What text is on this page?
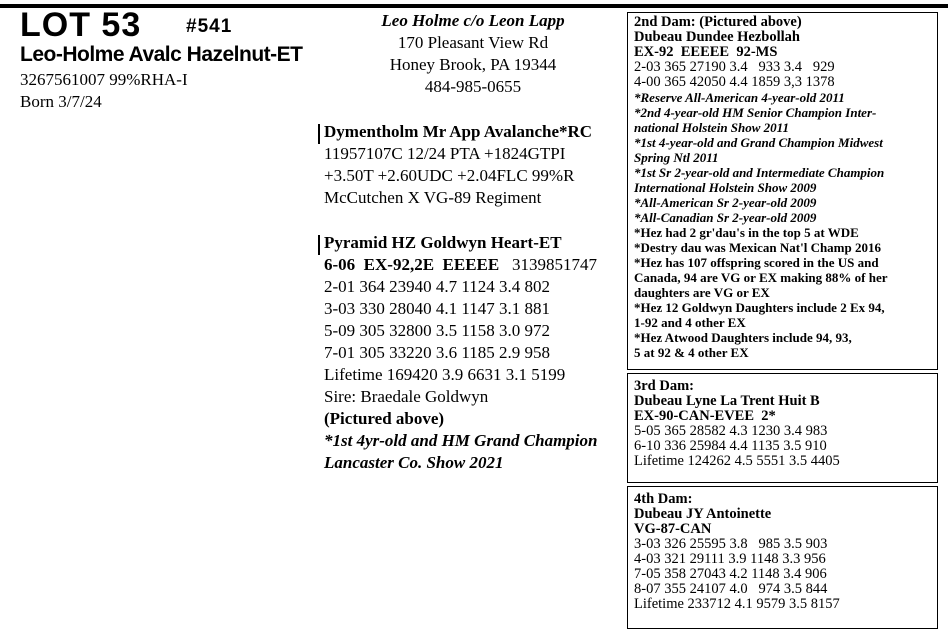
LOT 53 #541
Leo-Holme Avalc Hazelnut-ET
3267561007 99%RHA-I
Born 3/7/24
Leo Holme c/o Leon Lapp
170 Pleasant View Rd
Honey Brook, PA 19344
484-985-0655
Dymentholm Mr App Avalanche*RC
11957107C 12/24 PTA +1824GTPI
+3.50T +2.60UDC +2.04FLC 99%R
McCutchen X VG-89 Regiment
Pyramid HZ Goldwyn Heart-ET
6-06  EX-92,2E  EEEEE 3139851747
2-01 364 23940 4.7 1124 3.4 802
3-03 330 28040 4.1 1147 3.1 881
5-09 305 32800 3.5 1158 3.0 972
7-01 305 33220 3.6 1185 2.9 958
Lifetime 169420 3.9 6631 3.1 5199
Sire: Braedale Goldwyn
(Pictured above)
*1st 4yr-old and HM Grand Champion
Lancaster Co. Show 2021
2nd Dam: (Pictured above)
Dubeau Dundee Hezbollah
EX-92  EEEEE  92-MS
2-03 365 27190 3.4   933 3.4   929
4-00 365 42050 4.4 1859 3,3 1378
*Reserve All-American 4-year-old 2011
*2nd 4-year-old HM Senior Champion Inter-
national Holstein Show 2011
*1st 4-year-old and Grand Champion Midwest
Spring Ntl 2011
*1st Sr 2-year-old and Intermediate Champion
International Holstein Show 2009
*All-American Sr 2-year-old 2009
*All-Canadian Sr 2-year-old 2009
*Hez had 2 gr'dau's in the top 5 at WDE
*Destry dau was Mexican Nat'l Champ 2016
*Hez has 107 offspring scored in the US and
Canada, 94 are VG or EX making 88% of her
daughters are VG or EX
*Hez 12 Goldwyn Daughters include 2 Ex 94,
1-92 and 4 other EX
*Hez Atwood Daughters include 94, 93,
5 at 92 & 4 other EX
3rd Dam:
Dubeau Lyne La Trent Huit B
EX-90-CAN-EVEE  2*
5-05 365 28582 4.3 1230 3.4 983
6-10 336 25984 4.4 1135 3.5 910
Lifetime 124262 4.5 5551 3.5 4405
4th Dam:
Dubeau JY Antoinette
VG-87-CAN
3-03 326 25595 3.8   985 3.5 903
4-03 321 29111 3.9 1148 3.3 956
7-05 358 27043 4.2 1148 3.4 906
8-07 355 24107 4.0   974 3.5 844
Lifetime 233712 4.1 9579 3.5 8157
